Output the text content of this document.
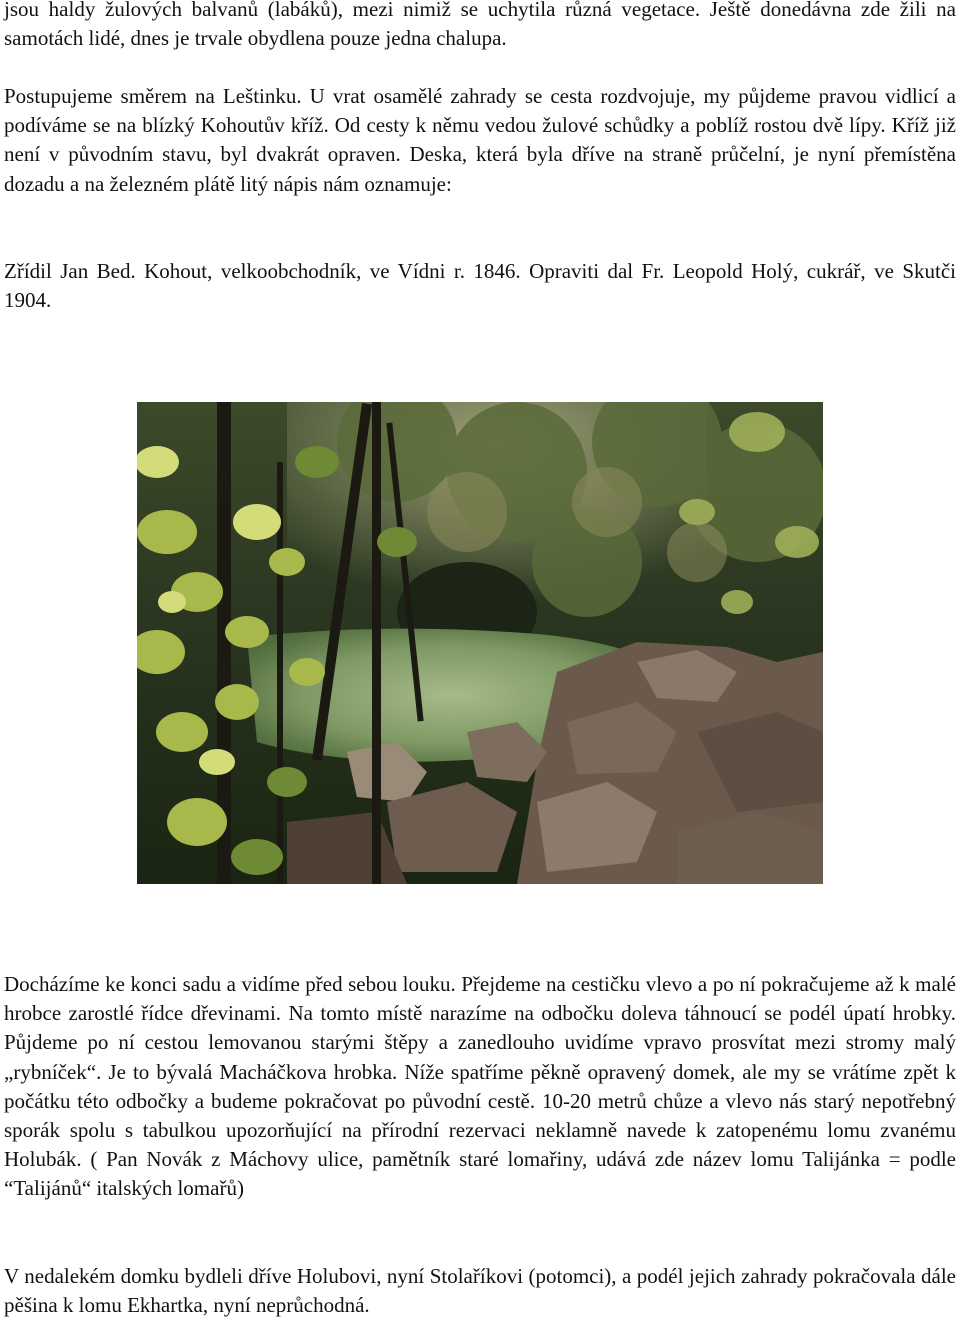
jsou haldy žulových balvanů (labáků), mezi nimiž se uchytila různá vegetace. Ještě donedávna zde žili na samotách lidé, dnes je trvale obydlena pouze jedna chalupa.

Postupujeme směrem na Leštinku. U vrat osamělé zahrady se cesta rozdvojuje, my půjdeme pravou vidlicí a podíváme se na blízký Kohoutův kříž. Od cesty k němu vedou žulové schůdky a poblíž rostou dvě lípy. Kříž již není v původním stavu, byl dvakrát opraven. Deska, která byla dříve na straně průčelní, je nyní přemístěna dozadu a na železném plátě litý nápis nám oznamuje:

Zřídil Jan Bed. Kohout, velkoobchodník, ve Vídni r. 1846. Opraviti dal Fr. Leopold Holý, cukrář, ve Skutči 1904.

Docházíme ke konci sadu a vidíme před sebou louku. Přejdeme na cestičku vlevo a po ní pokračujeme až k malé hrobce zarostlé řídce dřevinami. Na tomto místě narazíme na odbočku doleva táhnoucí se podél úpatí hrobky. Půjdeme po ní cestou lemovanou starými štěpy a zanedlouho uvidíme vpravo prosvítat mezi stromy malý „rybníček“. Je to bývalá Macháčkova hrobka. Níže spatříme pěkně opravený domek, ale my se vrátíme zpět k počátku této odbočky a budeme pokračovat po původní cestě. 10-20 metrů chůze a vlevo nás starý nepotřebný sporák spolu s tabulkou upozorňující na přírodní rezervaci neklamně navede k zatopenému lomu zvanému Holubák. ( Pan Novák z Máchovy ulice, pamětník staré lomařiny, udává zde název lomu Talijánka = podle “Talijánů“ italských lomařů)

V nedalekém domku bydleli dříve Holubovi, nyní Stolaříkovi (potomci), a podél jejich zahrady pokračovala dále pěšina k lomu Ekhartka, nyní neprůchodná.
